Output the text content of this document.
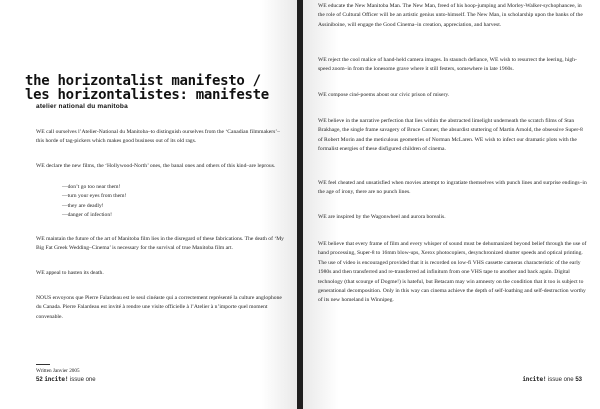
the horizontalist manifesto /
les horizontalistes: manifeste
atelier national du manitoba

WE call ourselves l’Atelier-National du Manitoba–to distinguish ourselves from the ‘Canadian filmmakers’–this horde of tag-pickers which makes good business out of its old rags.

WE declare the new films, the ‘Hollywood-North’ ones, the banal ones and others of this kind–are leprous.

—don’t go too near them!

—turn your eyes from them!

—they are deadly!

—danger of infection!

WE maintain the future of the art of Manitoba film lies in the disregard of these fabrications. The death of ‘My Big Fat Greek Wedding–Cinema’ is necessary for the survival of true Manitoba film art.

WE appeal to hasten its death.

NOUS envoyons que Pierre Falardeau est le seul cinéaste qui a correctement représenté la culture anglophone du Canada. Pierre Falardeau est invité à rendre une visite officielle à l’Atelier à n’importe quel moment convenable.

Written Janvier 2005

52 incite! issue one

WE educate the New Manitoba Man. The New Man, freed of his hoop-jumping and Morley-Walker-sychophancee, in the role of Cultural Officer will be an artistic genius unto-himself. The New Man, in scholarship upon the banks of the Assiniboine, will engage the Good Cinema–in creation, appreciation, and harvest.

WE reject the cool malice of hand-held camera images. In staunch defiance, WE wish to resurrect the leering, high-speed zoom–in from the lonesome grave where it still festers, somewhere in late 1960s.

WE compose ciné-poems about our civic prison of misery.

WE believe in the narrative perfection that lies within the abstracted limelight underneath the scratch films of Stan Brakhage, the single frame savagery of Bruce Conner, the absurdist stuttering of Martin Arnold, the obsessive Super-8 of Robert Morin and the meticulous geometries of Norman McLaren. WE wish to infect our dramatic plots with the formalist energies of these disfigured children of cinema.

WE feel cheated and unsatisfied when movies attempt to ingratiate themselves with punch lines and surprise endings–in the age of irony, there are no punch lines.

WE are inspired by the Wagonwheel and aurora borealis.

WE believe that every frame of film and every whisper of sound must be dehumanized beyond belief through the use of hand processing, Super-8 to 16mm blow-ups, Xerox photocopiers, desynchronized shutter speeds and optical printing. The use of video is encouraged provided that it is recorded on low-fi VHS cassette cameras characteristic of the early 1980s and then transferred and re-transferred ad infinitum from one VHS tape to another and back again. Digital technology (that scourge of Dogme!) is hateful, but Betacam may win amnesty on the condition that it too is subject to generational decomposition. Only in this way can cinema achieve the depth of self-loathing and self-destruction worthy of its new homeland in Winnipeg.

incite! issue one 53
